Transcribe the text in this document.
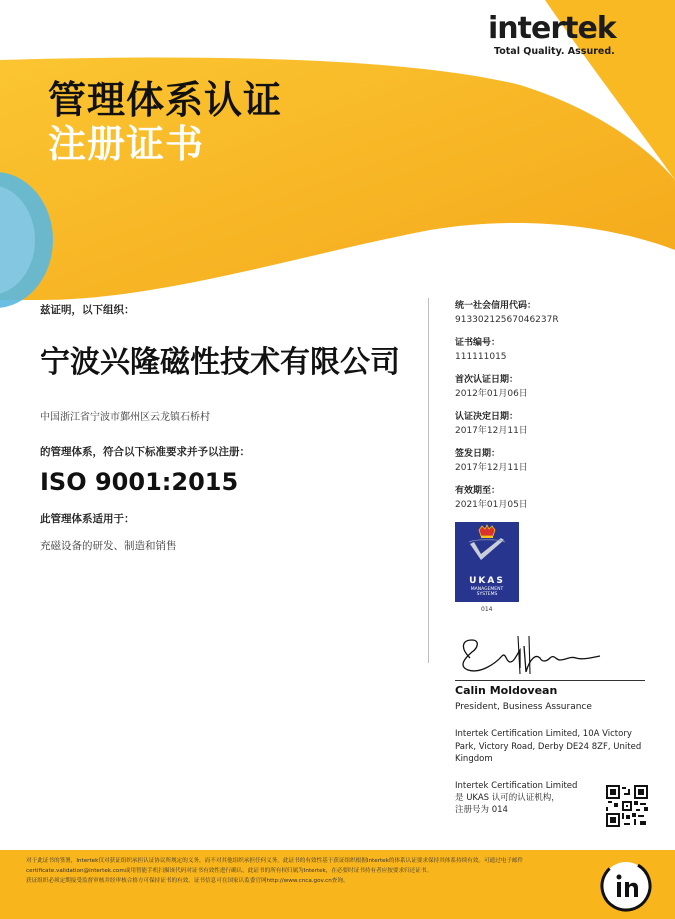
intertek
Total Quality. Assured.
管理体系认证
注册证书
兹证明，以下组织：
宁波兴隆磁性技术有限公司
中国浙江省宁波市鄞州区云龙镇石桥村
的管理体系，符合以下标准要求并予以注册：
ISO 9001:2015
此管理体系适用于：
充磁设备的研发、制造和销售
统一社会信用代码：
91330212567046237R
证书编号：
111111015
首次认证日期：
2012年01月06日
认证决定日期：
2017年12月11日
签发日期：
2017年12月11日
有效期至：
2021年01月05日
UKAS
MANAGEMENT
SYSTEMS
014
Calin Moldovean
President, Business Assurance
Intertek Certification Limited, 10A Victory Park, Victory Road, Derby DE24 8ZF, United Kingdom
Intertek Certification Limited
是 UKAS 认可的认证机构，
注册号为 014
对于此证书的签署，Intertek仅对获证组织承担认证协议所规定的义务，而不对其他组织承担任何义务。此证书的有效性基于获证组织根据Intertek的体系认证要求保持其体系持续有效。可通过电子邮件certificate.validation@intertek.com或用智能手机扫描该代码对证书有效性进行确认。此证书的所有权归属为Intertek，在必要时证书持有者应按要求归还证书。
获证组织必须定期接受监督审核并经审核合格方可保持证书的有效。证书信息可在国家认监委官网http://www.cnca.gov.cn查询。
